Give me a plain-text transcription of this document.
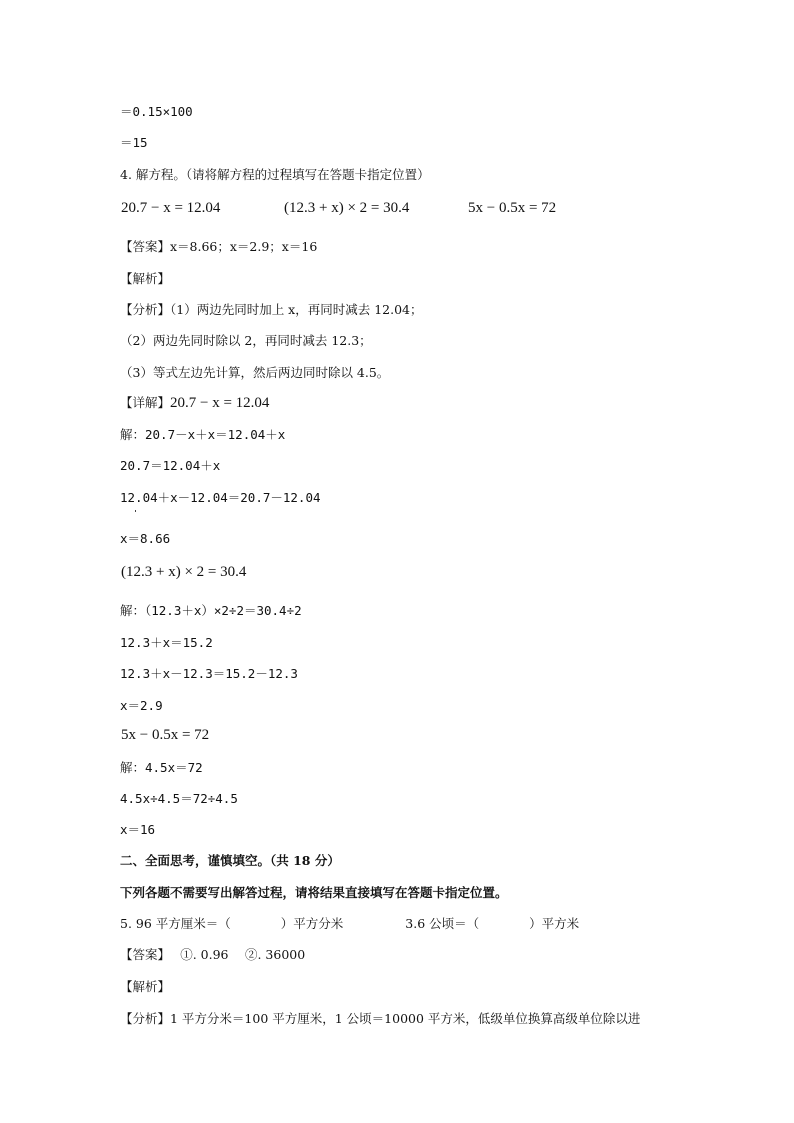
＝0.15×100
＝15
4. 解方程。（请将解方程的过程填写在答题卡指定位置）
20.7 − x = 12.04	(12.3 + x) × 2 = 30.4	5x − 0.5x = 72
【答案】x＝8.66；x＝2.9；x＝16
【解析】
【分析】（1）两边先同时加上 x，再同时减去 12.04；
（2）两边先同时除以 2，再同时减去 12.3；
（3）等式左边先计算，然后两边同时除以 4.5。
【详解】20.7 − x = 12.04
解：20.7－x＋x＝12.04＋x
20.7＝12.04＋x
12.04＋x－12.04＝20.7－12.04
x＝8.66
(12.3 + x) × 2 = 30.4
解：（12.3＋x）×2÷2＝30.4÷2
12.3＋x＝15.2
12.3＋x－12.3＝15.2－12.3
x＝2.9
5x − 0.5x = 72
解：4.5x＝72
4.5x÷4.5＝72÷4.5
x＝16
二、全面思考，谨慎填空。（共 18 分）
下列各题不需要写出解答过程，请将结果直接填写在答题卡指定位置。
5. 96 平方厘米＝（　　　　）平方分米	3.6 公顷＝（　　　　）平方米
【答案】　 ①. 0.96　 ②. 36000
【解析】
【分析】1 平方分米＝100 平方厘米，1 公顷＝10000 平方米，低级单位换算高级单位除以进
